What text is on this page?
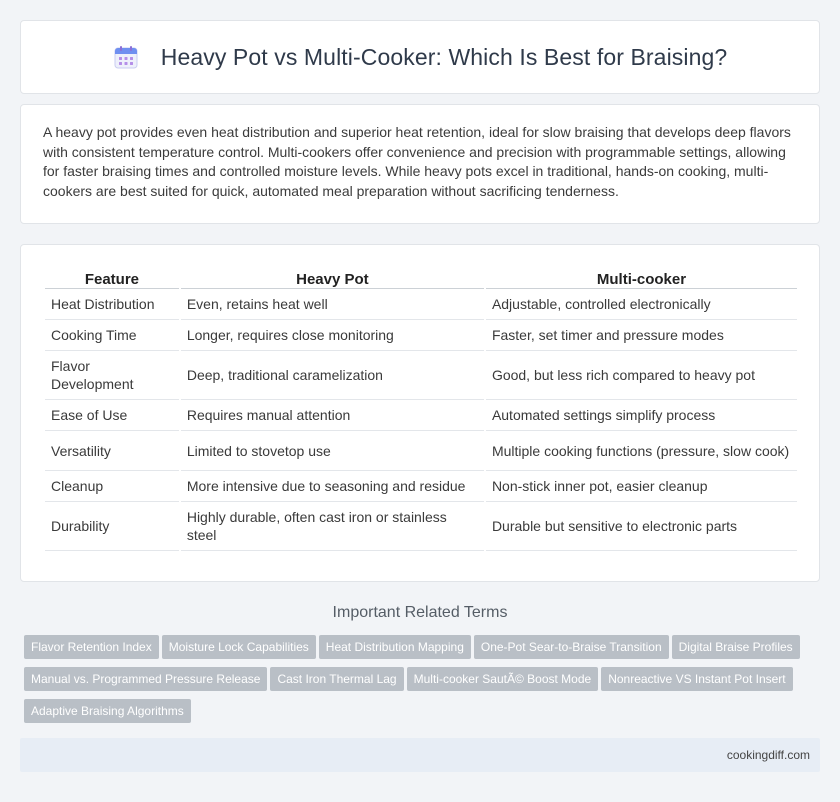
Heavy Pot vs Multi-Cooker: Which Is Best for Braising?

A heavy pot provides even heat distribution and superior heat retention, ideal for slow braising that develops deep flavors with consistent temperature control. Multi-cookers offer convenience and precision with programmable settings, allowing for faster braising times and controlled moisture levels. While heavy pots excel in traditional, hands-on cooking, multi-cookers are best suited for quick, automated meal preparation without sacrificing tenderness.

Feature	Heavy Pot	Multi-cooker
Heat Distribution	Even, retains heat well	Adjustable, controlled electronically
Cooking Time	Longer, requires close monitoring	Faster, set timer and pressure modes
Flavor Development	Deep, traditional caramelization	Good, but less rich compared to heavy pot
Ease of Use	Requires manual attention	Automated settings simplify process
Versatility	Limited to stovetop use	Multiple cooking functions (pressure, slow cook)
Cleanup	More intensive due to seasoning and residue	Non-stick inner pot, easier cleanup
Durability	Highly durable, often cast iron or stainless steel	Durable but sensitive to electronic parts
Important Related Terms
Flavor Retention Index Moisture Lock Capabilities Heat Distribution Mapping One-Pot Sear-to-Braise Transition Digital Braise Profiles
Manual vs. Programmed Pressure Release Cast Iron Thermal Lag Multi-cooker SautÃ© Boost Mode Nonreactive VS Instant Pot Insert
Adaptive Braising Algorithms
cookingdiff.com
